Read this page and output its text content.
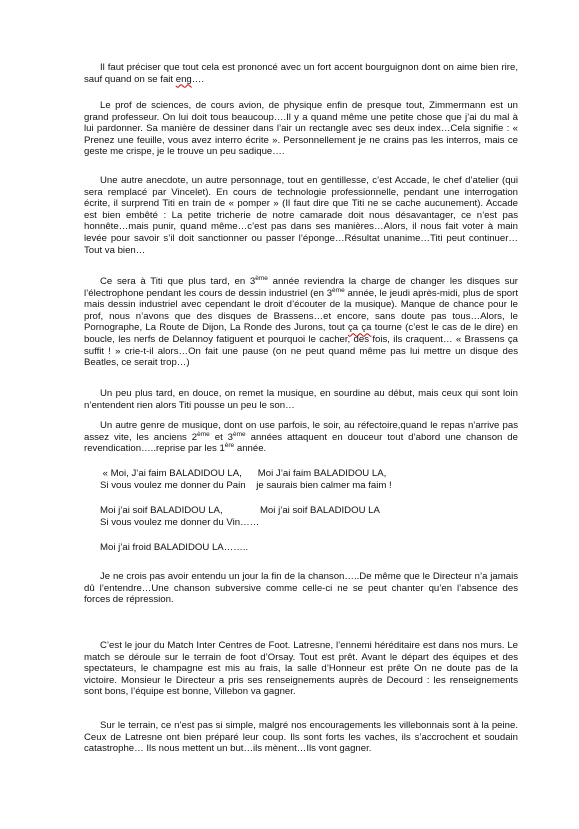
Il faut préciser que tout cela est prononcé avec un fort accent bourguignon dont on aime bien rire, sauf quand on se fait eng….

Le prof de sciences, de cours avion, de physique enfin de presque tout, Zimmermann est un grand professeur. On lui doit tous beaucoup….Il y a quand même une petite chose que j’ai du mal à lui pardonner. Sa manière de dessiner dans l’air un rectangle avec ses deux index…Cela signifie : « Prenez une feuille, vous avez interro écrite ». Personnellement je ne crains pas les interros, mais ce geste me crispe, je le trouve un peu sadique….

Une autre anecdote, un autre personnage, tout en gentillesse, c’est Accade, le chef d’atelier (qui sera remplacé par Vincelet). En cours de technologie professionnelle, pendant une interrogation écrite, il surprend Titi en train de « pomper » (Il faut dire que Titi ne se cache aucunement). Accade est bien embêté : La petite tricherie de notre camarade doit nous désavantager, ce n’est pas honnête…mais punir, quand même…c’est pas dans ses manières…Alors, il nous fait voter à main levée pour savoir s’il doit sanctionner ou passer l’éponge…Résultat unanime…Titi peut continuer…Tout va bien…

Ce sera à Titi que plus tard, en 3ème année reviendra la charge de changer les disques sur l’électrophone pendant les cours de dessin industriel (en 3ème année, le jeudi après-midi, plus de sport mais dessin industriel avec cependant le droit d’écouter de la musique). Manque de chance pour le prof, nous n’avons que des disques de Brassens…et encore, sans doute pas tous…Alors, le Pornographe, La Route de Dijon, La Ronde des Jurons, tout ça ça tourne (c’est le cas de le dire) en boucle, les nerfs de Delannoy fatiguent et pourquoi le cacher, des fois, ils craquent… « Brassens ça suffit ! » crie-t-il alors…On fait une pause (on ne peut quand même pas lui mettre un disque des Beatles, ce serait trop…)

Un peu plus tard, en douce, on remet la musique, en sourdine au début, mais ceux qui sont loin n’entendent rien alors Titi pousse un peu le son…

Un autre genre de musique, dont on use parfois, le soir, au réfectoire,quand le repas n’arrive pas assez vite, les anciens 2ème et 3ème années attaquent en douceur tout d’abord une chanson de revendication…..reprise par les 1ère année.

« Moi, J’ai faim BALADIDOU LA,      Moi J’ai faim BALADIDOU LA,

Si vous voulez me donner du Pain    je saurais bien calmer ma faim !

Moi j’ai soif BALADIDOU LA,              Moi j’ai soif BALADIDOU LA

Si vous voulez me donner du Vin……

Moi j’ai froid BALADIDOU LA……..

Je ne crois pas avoir entendu un jour la fin de la chanson…..De même que le Directeur n’a jamais dû l’entendre…Une chanson subversive comme celle-ci ne se peut chanter qu’en l’absence des forces de répression.

C’est le jour du Match Inter Centres de Foot. Latresne, l’ennemi héréditaire est dans nos murs. Le match se déroule sur le terrain de foot d’Orsay. Tout est prêt. Avant le départ des équipes et des spectateurs, le champagne est mis au frais, la salle d’Honneur est prête On ne doute pas de la victoire. Monsieur le Directeur a pris ses renseignements auprès de Decourd : les renseignements sont bons, l’équipe est bonne, Villebon va gagner.

Sur le terrain, ce n’est pas si simple, malgré nos encouragements les villebonnais sont à la peine. Ceux de Latresne ont bien préparé leur coup. Ils sont forts les vaches, ils s’accrochent et soudain catastrophe… Ils nous mettent un but…ils mènent…Ils vont gagner.
